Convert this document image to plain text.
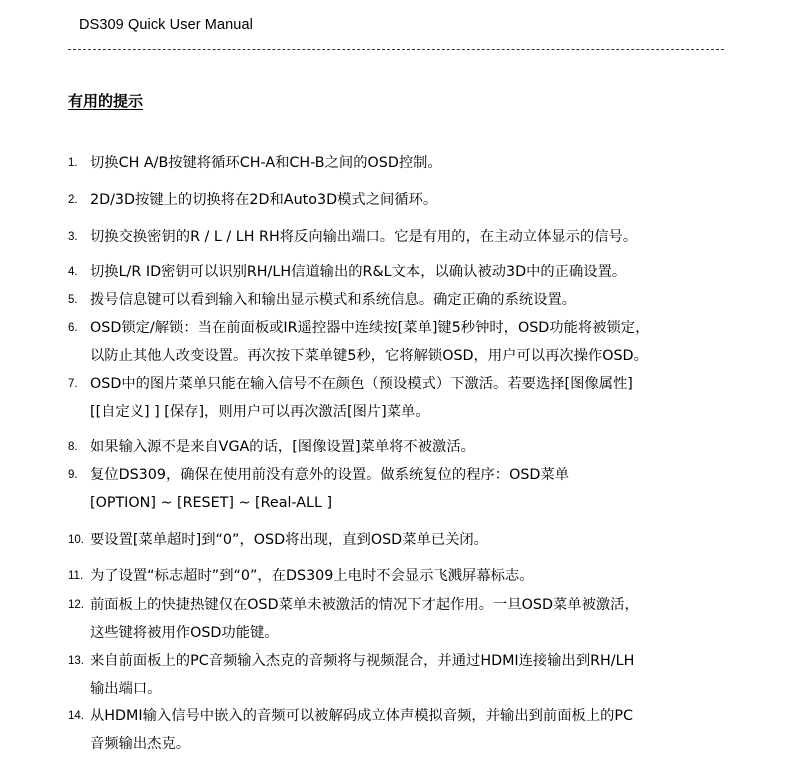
DS309 Quick User Manual
有用的提示
1. 切换CH A/B按键将循环CH-A和CH-B之间的OSD控制。
2. 2D/3D按键上的切换将在2D和Auto3D模式之间循环。
3. 切换交换密钥的R / L / LH RH将反向输出端口。它是有用的，在主动立体显示的信号。
4. 切换L/R ID密钥可以识别RH/LH信道输出的R&L文本，以确认被动3D中的正确设置。
5. 拨号信息键可以看到输入和输出显示模式和系统信息。确定正确的系统设置。
6. OSD锁定/解锁：当在前面板或IR遥控器中连续按[菜单]键5秒钟时，OSD功能将被锁定，
以防止其他人改变设置。再次按下菜单键5秒，它将解锁OSD，用户可以再次操作OSD。
7. OSD中的图片菜单只能在输入信号不在颜色（预设模式）下激活。若要选择[图像属性]
[[自定义] ] [保存]，则用户可以再次激活[图片]菜单。
8. 如果输入源不是来自VGA的话，[图像设置]菜单将不被激活。
9. 复位DS309，确保在使用前没有意外的设置。做系统复位的程序：OSD菜单
[OPTION] ~ [RESET] ~ [Real-ALL ]
10. 要设置[菜单超时]到“0”，OSD将出现，直到OSD菜单已关闭。
11. 为了设置“标志超时”到“0”，在DS309上电时不会显示飞溅屏幕标志。
12. 前面板上的快捷热键仅在OSD菜单未被激活的情况下才起作用。一旦OSD菜单被激活，
这些键将被用作OSD功能键。
13. 来自前面板上的PC音频输入杰克的音频将与视频混合，并通过HDMI连接输出到RH/LH
输出端口。
14. 从HDMI输入信号中嵌入的音频可以被解码成立体声模拟音频，并输出到前面板上的PC
音频输出杰克。
